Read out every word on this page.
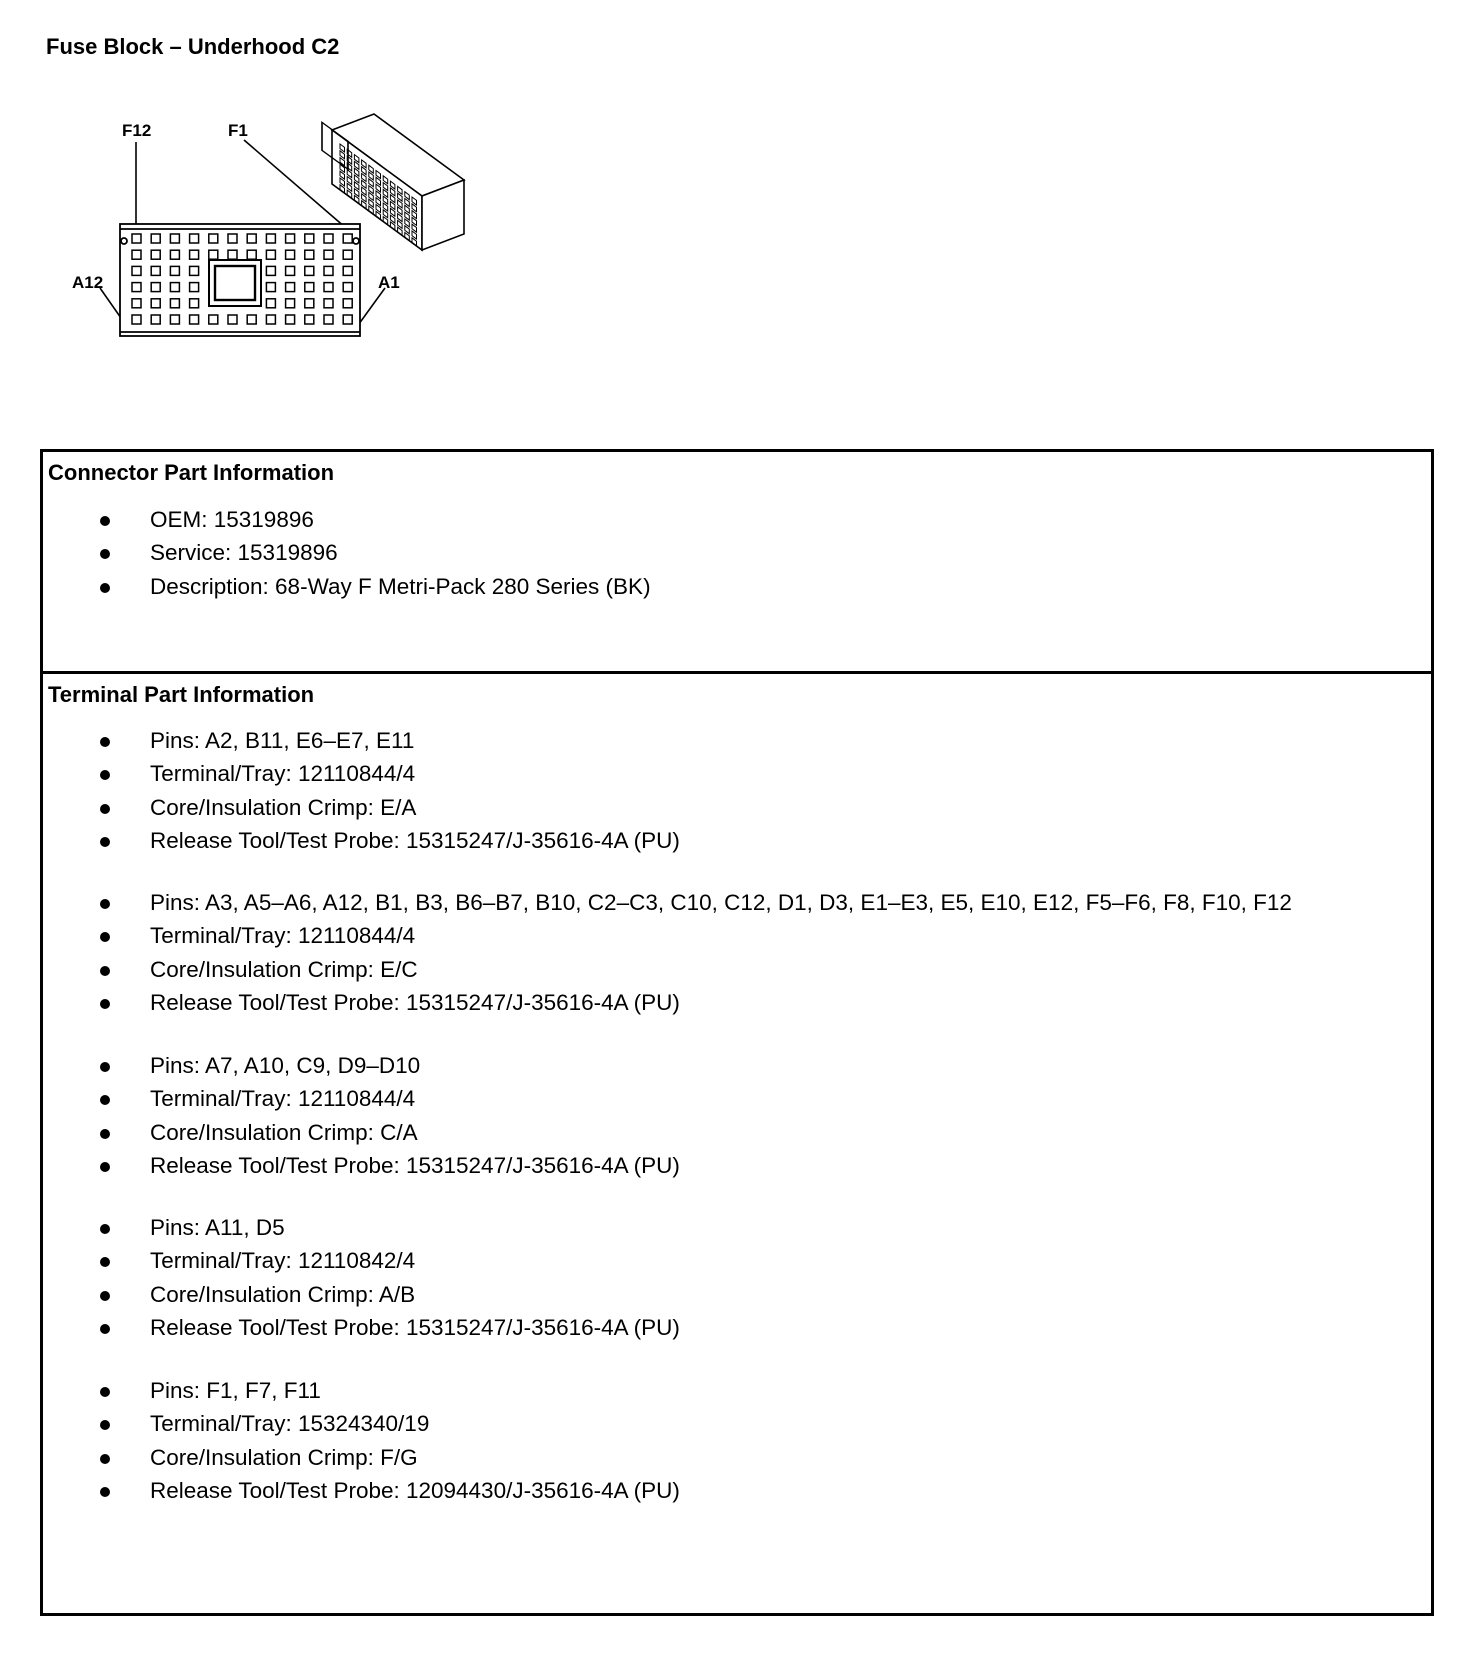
Fuse Block – Underhood C2
F12	F1
A12	A1
Connector Part Information
OEM: 15319896
Service: 15319896
Description: 68-Way F Metri-Pack 280 Series (BK)
Terminal Part Information
Pins: A2, B11, E6–E7, E11
Terminal/Tray: 12110844/4
Core/Insulation Crimp: E/A
Release Tool/Test Probe: 15315247/J-35616-4A (PU)
Pins: A3, A5–A6, A12, B1, B3, B6–B7, B10, C2–C3, C10, C12, D1, D3, E1–E3, E5, E10, E12, F5–F6, F8, F10, F12
Terminal/Tray: 12110844/4
Core/Insulation Crimp: E/C
Release Tool/Test Probe: 15315247/J-35616-4A (PU)
Pins: A7, A10, C9, D9–D10
Terminal/Tray: 12110844/4
Core/Insulation Crimp: C/A
Release Tool/Test Probe: 15315247/J-35616-4A (PU)
Pins: A11, D5
Terminal/Tray: 12110842/4
Core/Insulation Crimp: A/B
Release Tool/Test Probe: 15315247/J-35616-4A (PU)
Pins: F1, F7, F11
Terminal/Tray: 15324340/19
Core/Insulation Crimp: F/G
Release Tool/Test Probe: 12094430/J-35616-4A (PU)
